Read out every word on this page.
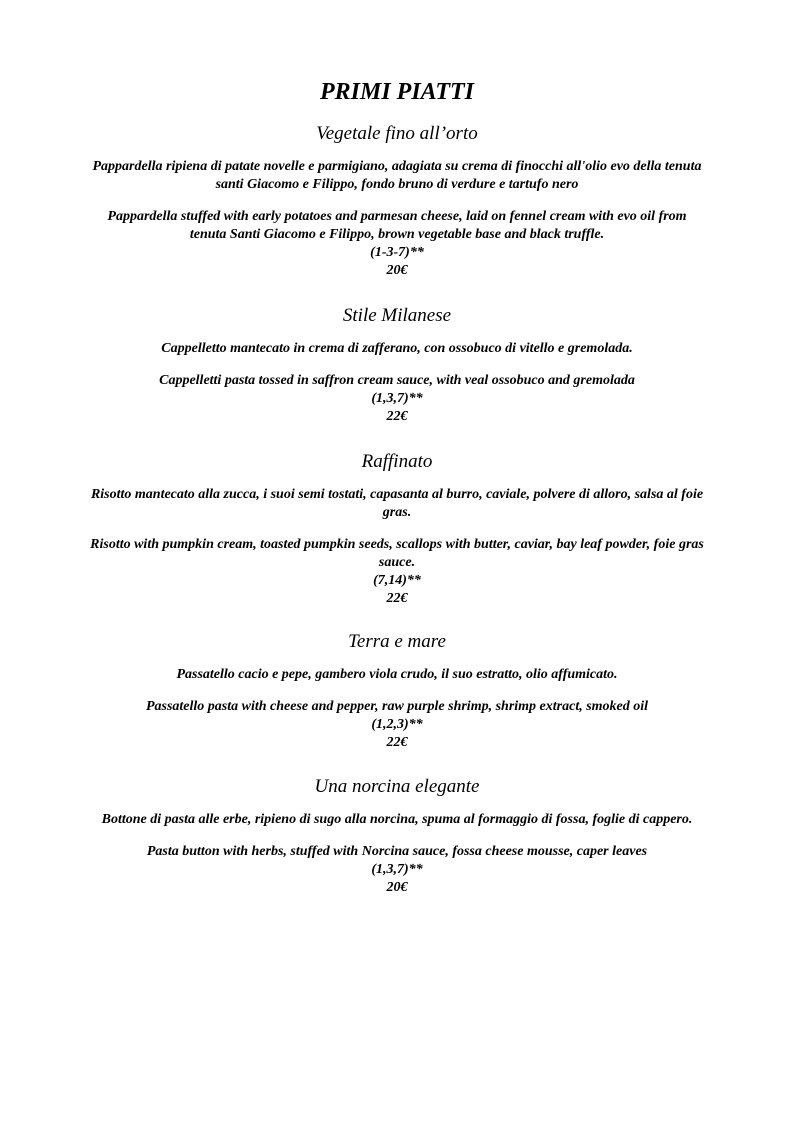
PRIMI PIATTI
Vegetale fino all’orto

Pappardella ripiena di patate novelle e parmigiano, adagiata su crema di finocchi all'olio evo della tenuta santi Giacomo e Filippo, fondo bruno di verdure e tartufo nero

Pappardella stuffed with early potatoes and parmesan cheese, laid on fennel cream with evo oil from tenuta Santi Giacomo e Filippo, brown vegetable base and black truffle.

(1-3-7)**

20€

Stile Milanese

Cappelletto mantecato in crema di zafferano, con ossobuco di vitello e gremolada.

Cappelletti pasta tossed in saffron cream sauce, with veal ossobuco and gremolada

(1,3,7)**

22€

Raffinato

Risotto mantecato alla zucca, i suoi semi tostati, capasanta al burro, caviale, polvere di alloro, salsa al foie gras.

Risotto with pumpkin cream, toasted pumpkin seeds, scallops with butter, caviar, bay leaf powder, foie gras sauce.

(7,14)**

22€

Terra e mare

Passatello cacio e pepe, gambero viola crudo, il suo estratto, olio affumicato.

Passatello pasta with cheese and pepper, raw purple shrimp, shrimp extract, smoked oil

(1,2,3)**

22€

Una norcina elegante

Bottone di pasta alle erbe, ripieno di sugo alla norcina, spuma al formaggio di fossa, foglie di cappero.

Pasta button with herbs, stuffed with Norcina sauce, fossa cheese mousse, caper leaves

(1,3,7)**

20€
